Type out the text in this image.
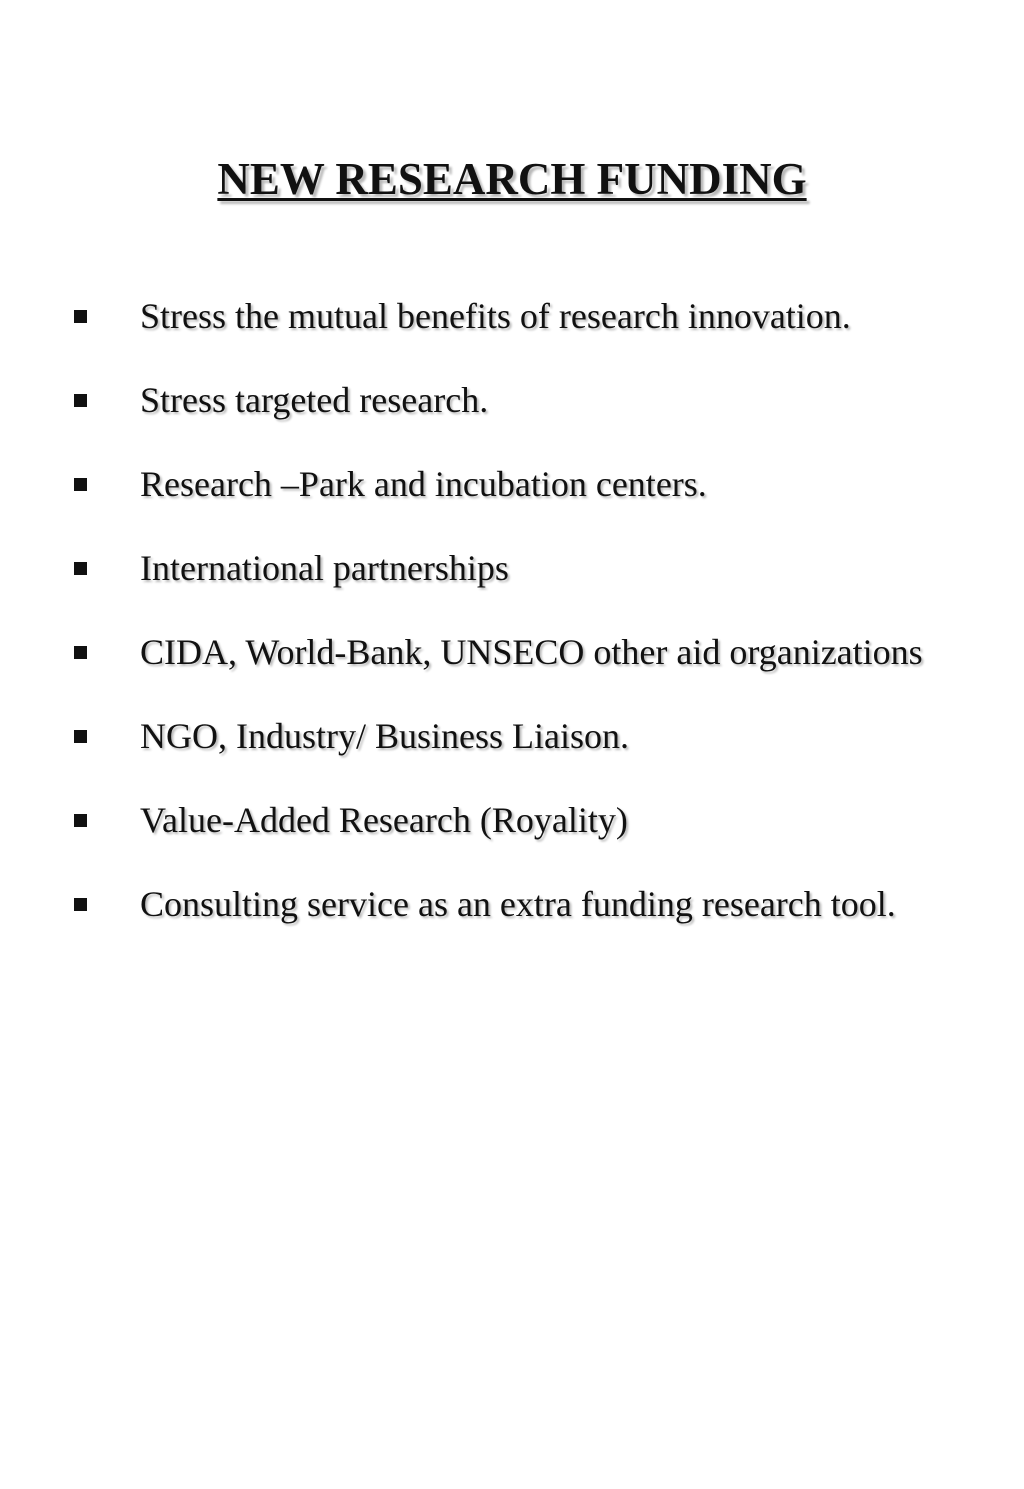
NEW RESEARCH FUNDING
Stress the mutual benefits of research innovation.
Stress targeted research.
Research –Park and incubation centers.
International partnerships
CIDA, World-Bank, UNSECO other aid organizations
NGO, Industry/ Business Liaison.
Value-Added Research (Royality)
Consulting service as an extra funding research tool.
